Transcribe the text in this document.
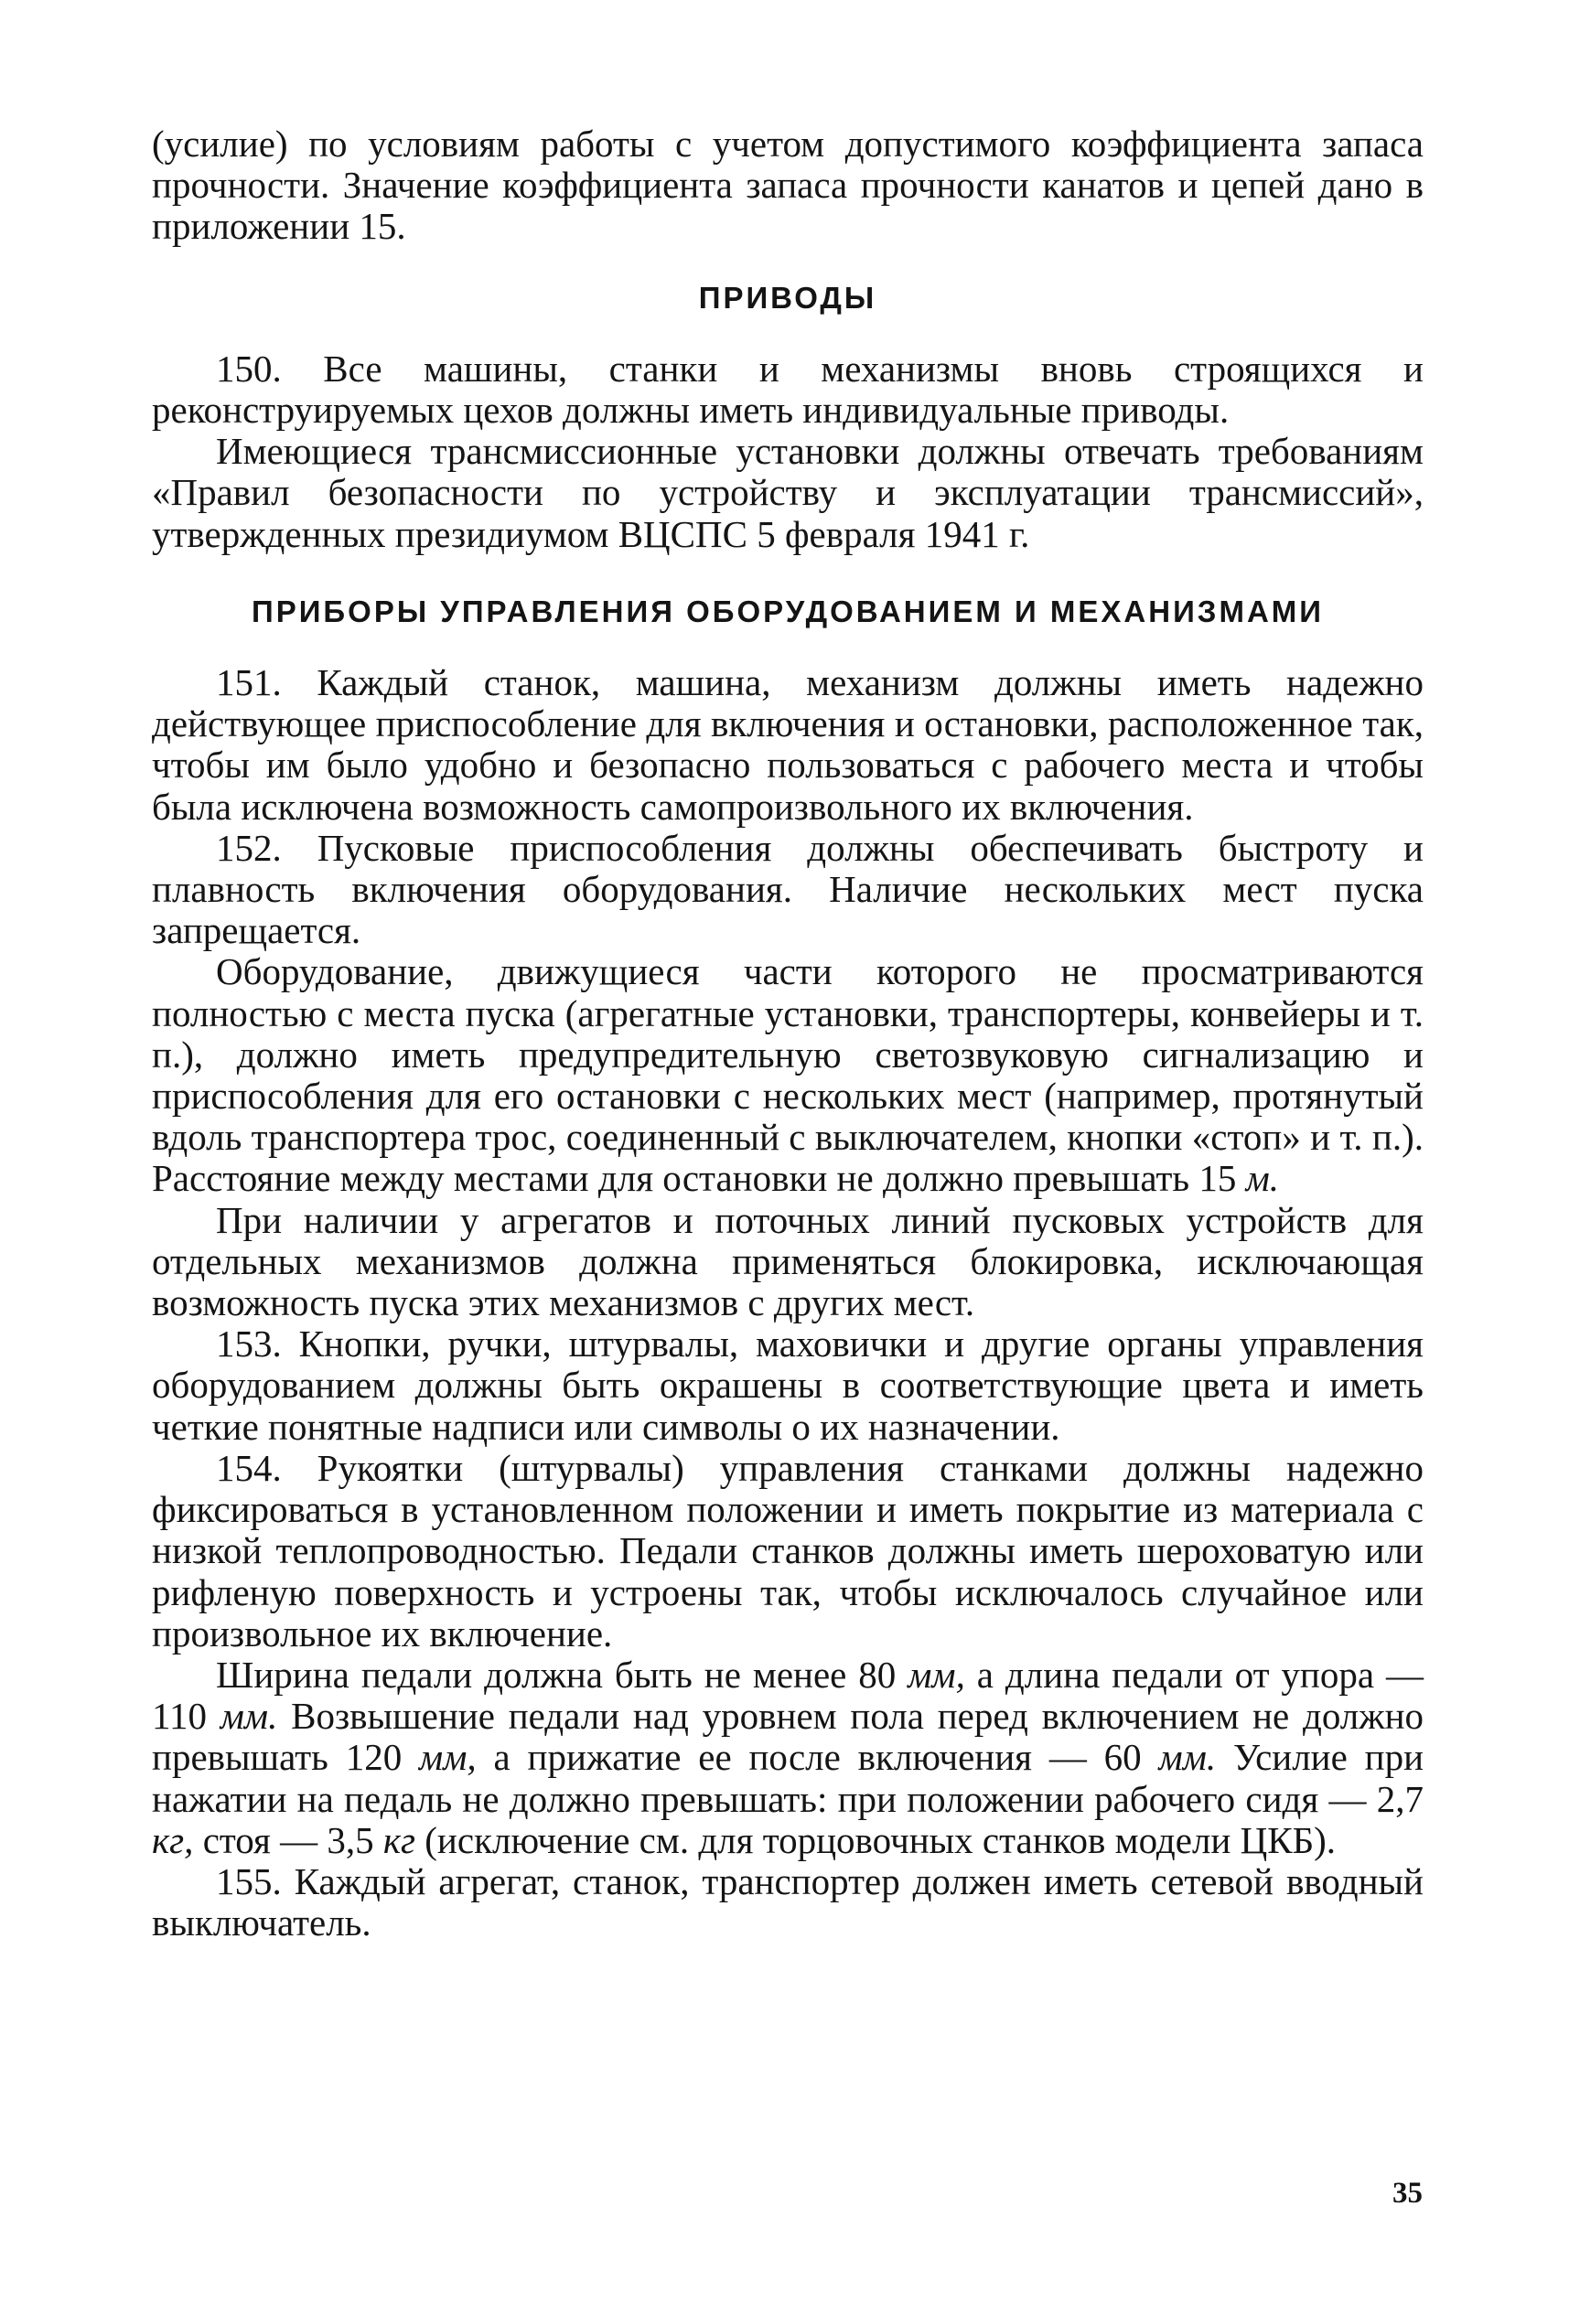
(усилие) по условиям работы с учетом допустимого коэффициента запаса прочности. Значение коэффициента запаса прочности канатов и цепей дано в приложении 15.

ПРИВОДЫ

150. Все машины, станки и механизмы вновь строящихся и реконструируемых цехов должны иметь индивидуальные приводы.

Имеющиеся трансмиссионные установки должны отвечать требованиям «Правил безопасности по устройству и эксплуатации трансмиссий», утвержденных президиумом ВЦСПС 5 февраля 1941 г.

ПРИБОРЫ УПРАВЛЕНИЯ ОБОРУДОВАНИЕМ И МЕХАНИЗМАМИ

151. Каждый станок, машина, механизм должны иметь надежно действующее приспособление для включения и остановки, расположенное так, чтобы им было удобно и безопасно пользоваться с рабочего места и чтобы была исключена возможность самопроизвольного их включения.

152. Пусковые приспособления должны обеспечивать быстроту и плавность включения оборудования. Наличие нескольких мест пуска запрещается.

Оборудование, движущиеся части которого не просматриваются полностью с места пуска (агрегатные установки, транспортеры, конвейеры и т. п.), должно иметь предупредительную светозвуковую сигнализацию и приспособления для его остановки с нескольких мест (например, протянутый вдоль транспортера трос, соединенный с выключателем, кнопки «стоп» и т. п.). Расстояние между местами для остановки не должно превышать 15 м.

При наличии у агрегатов и поточных линий пусковых устройств для отдельных механизмов должна применяться блокировка, исключающая возможность пуска этих механизмов с других мест.

153. Кнопки, ручки, штурвалы, маховички и другие органы управления оборудованием должны быть окрашены в соответствующие цвета и иметь четкие понятные надписи или символы о их назначении.

154. Рукоятки (штурвалы) управления станками должны надежно фиксироваться в установленном положении и иметь покрытие из материала с низкой теплопроводностью. Педали станков должны иметь шероховатую или рифленую поверхность и устроены так, чтобы исключалось случайное или произвольное их включение.

Ширина педали должна быть не менее 80 мм, а длина педали от упора — 110 мм. Возвышение педали над уровнем пола перед включением не должно превышать 120 мм, а прижатие ее после включения — 60 мм. Усилие при нажатии на педаль не должно превышать: при положении рабочего сидя — 2,7 кг, стоя — 3,5 кг (исключение см. для торцовочных станков модели ЦКБ).

155. Каждый агрегат, станок, транспортер должен иметь сетевой вводный выключатель.

35
